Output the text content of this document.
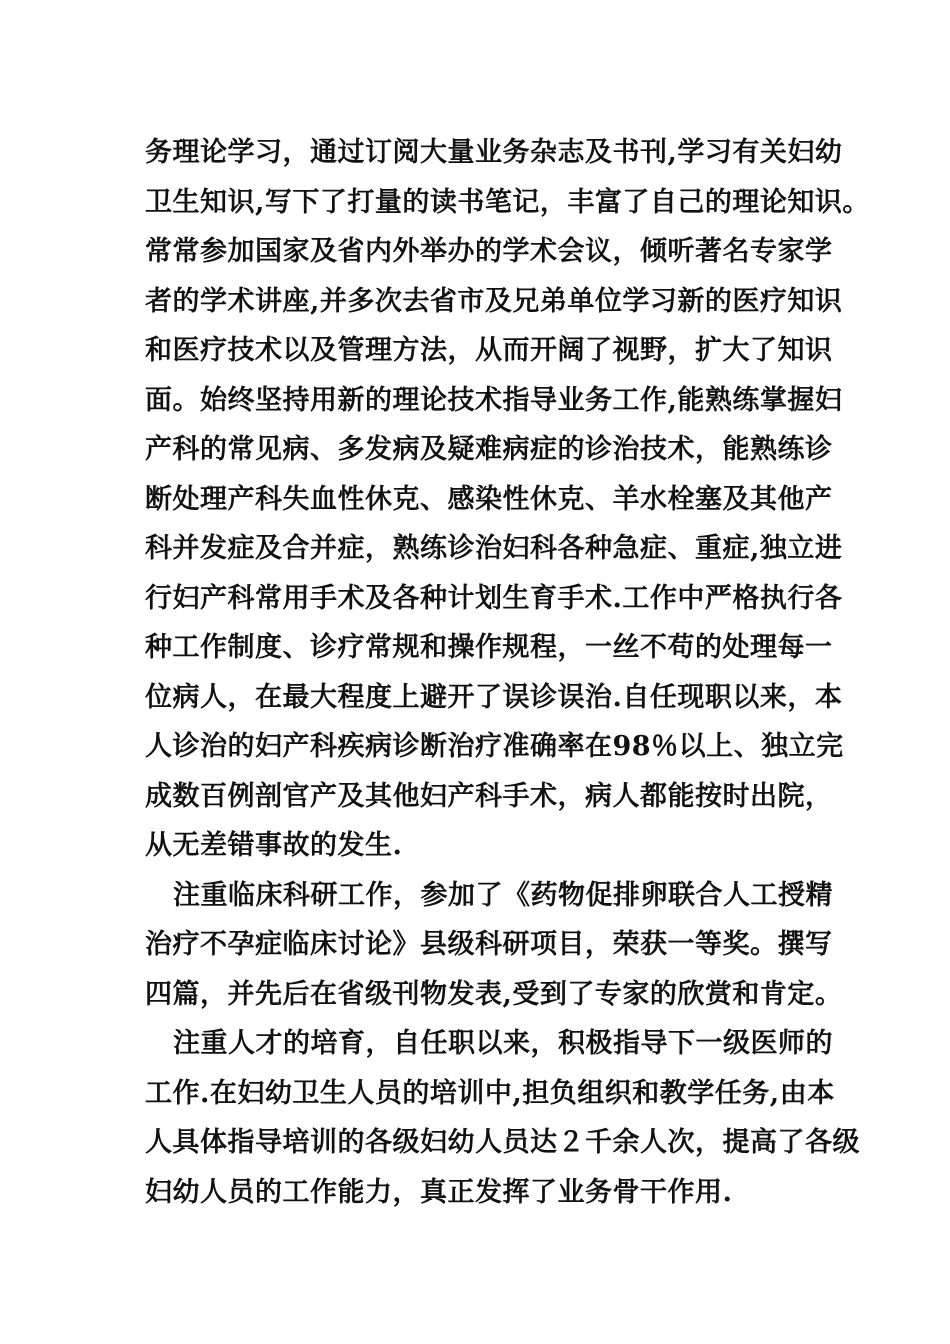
务理论学习，通过订阅大量业务杂志及书刊,学习有关妇幼
卫生知识,写下了打量的读书笔记，丰富了自己的理论知识。
常常参加国家及省内外举办的学术会议，倾听著名专家学
者的学术讲座,并多次去省市及兄弟单位学习新的医疗知识
和医疗技术以及管理方法，从而开阔了视野，扩大了知识
面。始终坚持用新的理论技术指导业务工作,能熟练掌握妇
产科的常见病、多发病及疑难病症的诊治技术，能熟练诊
断处理产科失血性休克、感染性休克、羊水栓塞及其他产
科并发症及合并症，熟练诊治妇科各种急症、重症,独立进
行妇产科常用手术及各种计划生育手术.工作中严格执行各
种工作制度、诊疗常规和操作规程，一丝不苟的处理每一
位病人，在最大程度上避开了误诊误治.自任现职以来，本
人诊治的妇产科疾病诊断治疗准确率在98％以上、独立完
成数百例剖官产及其他妇产科手术，病人都能按时出院，
从无差错事故的发生.
注重临床科研工作，参加了《药物促排卵联合人工授精
治疗不孕症临床讨论》县级科研项目，荣获一等奖。撰写
四篇，并先后在省级刊物发表,受到了专家的欣赏和肯定。
注重人才的培育，自任职以来，积极指导下一级医师的
工作.在妇幼卫生人员的培训中,担负组织和教学任务,由本
人具体指导培训的各级妇幼人员达２千余人次，提高了各级
妇幼人员的工作能力，真正发挥了业务骨干作用.
